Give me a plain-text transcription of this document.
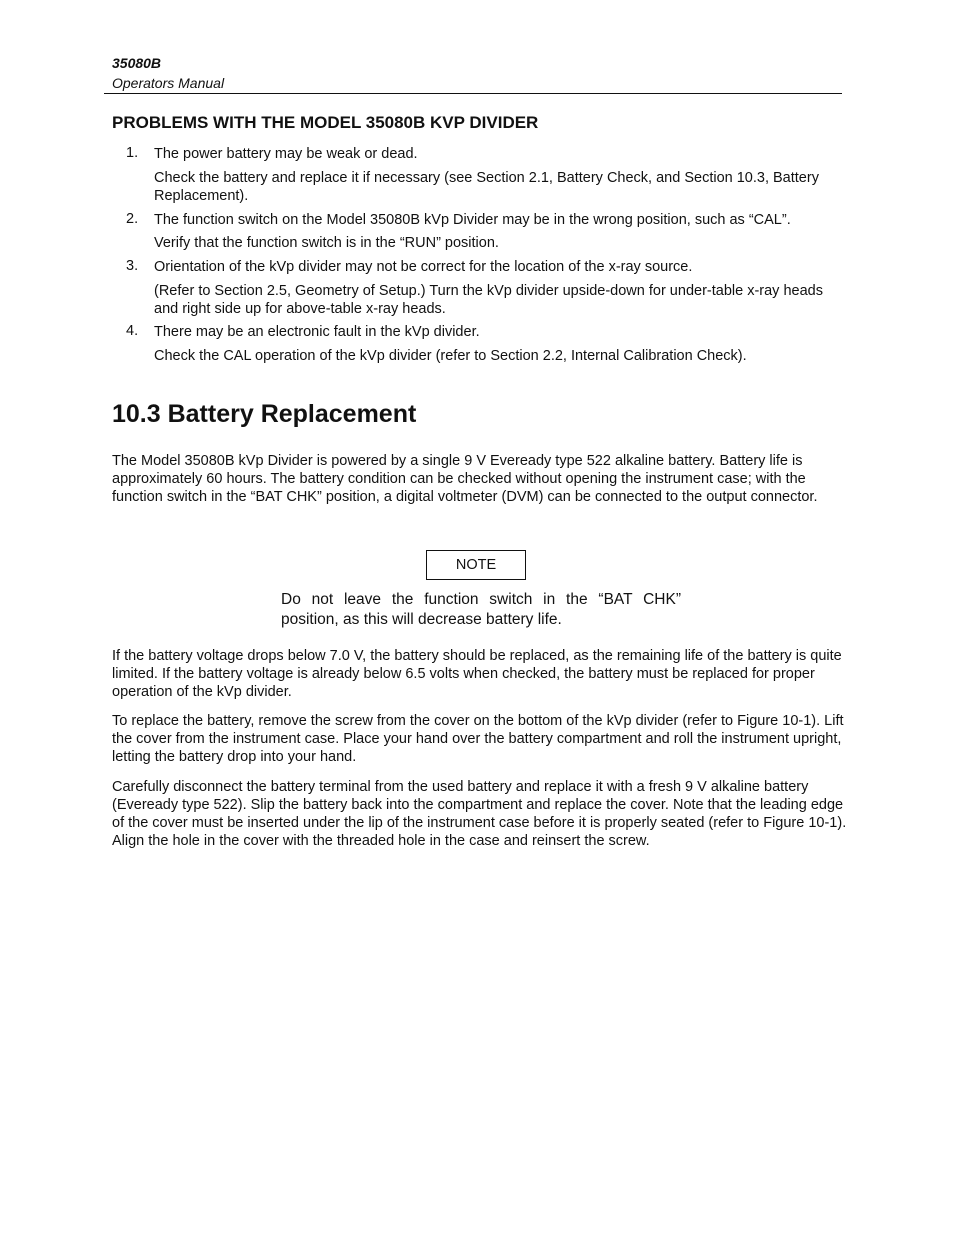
35080B
Operators Manual
PROBLEMS WITH THE MODEL 35080B KVP DIVIDER
1. The power battery may be weak or dead.
Check the battery and replace it if necessary (see Section 2.1, Battery Check, and Section 10.3, Battery Replacement).
2. The function switch on the Model 35080B kVp Divider may be in the wrong position, such as “CAL”.
Verify that the function switch is in the “RUN” position.
3. Orientation of the kVp divider may not be correct for the location of the x-ray source.
(Refer to Section 2.5, Geometry of Setup.) Turn the kVp divider upside-down for under-table x-ray heads and right side up for above-table x-ray heads.
4. There may be an electronic fault in the kVp divider.
Check the CAL operation of the kVp divider (refer to Section 2.2, Internal Calibration Check).
10.3 Battery Replacement
The Model 35080B kVp Divider is powered by a single 9 V Eveready type 522 alkaline battery. Battery life is approximately 60 hours. The battery condition can be checked without opening the instrument case; with the function switch in the “BAT CHK” position, a digital voltmeter (DVM) can be connected to the output connector.
NOTE
Do not leave the function switch in the “BAT CHK” position, as this will decrease battery life.
If the battery voltage drops below 7.0 V, the battery should be replaced, as the remaining life of the battery is quite limited. If the battery voltage is already below 6.5 volts when checked, the battery must be replaced for proper operation of the kVp divider.
To replace the battery, remove the screw from the cover on the bottom of the kVp divider (refer to Figure 10-1). Lift the cover from the instrument case. Place your hand over the battery compartment and roll the instrument upright, letting the battery drop into your hand.
Carefully disconnect the battery terminal from the used battery and replace it with a fresh 9 V alkaline battery (Eveready type 522). Slip the battery back into the compartment and replace the cover. Note that the leading edge of the cover must be inserted under the lip of the instrument case before it is properly seated (refer to Figure 10-1). Align the hole in the cover with the threaded hole in the case and reinsert the screw.
